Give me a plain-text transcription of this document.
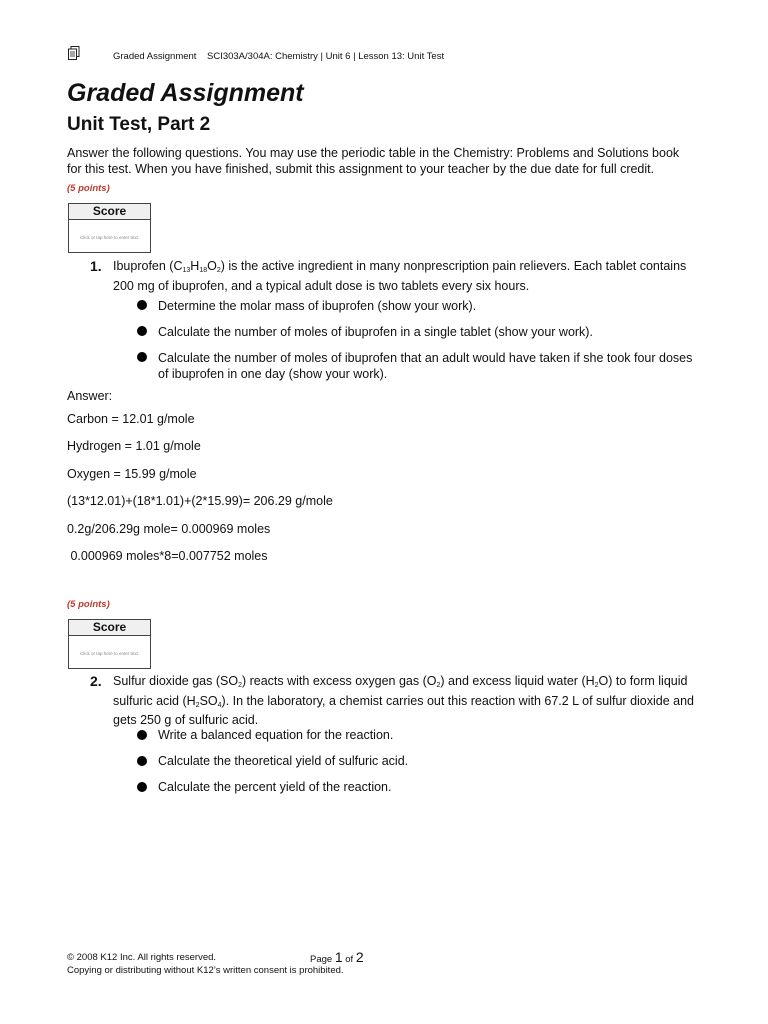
Graded Assignment SCI303A/304A: Chemistry | Unit 6 | Lesson 13: Unit Test
Graded Assignment
Unit Test, Part 2
Answer the following questions. You may use the periodic table in the Chemistry: Problems and Solutions book for this test. When you have finished, submit this assignment to your teacher by the due date for full credit.
(5 points)
Score
Click or tap here to enter text.
1. Ibuprofen $(C_{13}H_{18}O_2)$ is the active ingredient in many nonprescription pain relievers. Each tablet contains 200 mg of ibuprofen, and a typical adult dose is two tablets every six hours.
Determine the molar mass of ibuprofen (show your work).
Calculate the number of moles of ibuprofen in a single tablet (show your work).
Calculate the number of moles of ibuprofen that an adult would have taken if she took four doses of ibuprofen in one day (show your work).
Answer:
Carbon = 12.01 g/mole
Hydrogen = 1.01 g/mole
Oxygen = 15.99 g/mole
(13*12.01)+(18*1.01)+(2*15.99)= 206.29 g/mole
0.2g/206.29g mole= 0.000969 moles
0.000969 moles*8=0.007752 moles
(5 points)
Score
Click or tap here to enter text.
2. Sulfur dioxide gas $(SO_2)$ reacts with excess oxygen gas $(O_2)$ and excess liquid water $(H_2O)$ to form liquid sulfuric acid $(H_2SO_4)$. In the laboratory, a chemist carries out this reaction with 67.2 L of sulfur dioxide and gets 250 g of sulfuric acid.
Write a balanced equation for the reaction.
Calculate the theoretical yield of sulfuric acid.
Calculate the percent yield of the reaction.
© 2008 K12 Inc. All rights reserved.	Page 1 of 2
Copying or distributing without K12’s written consent is prohibited.
